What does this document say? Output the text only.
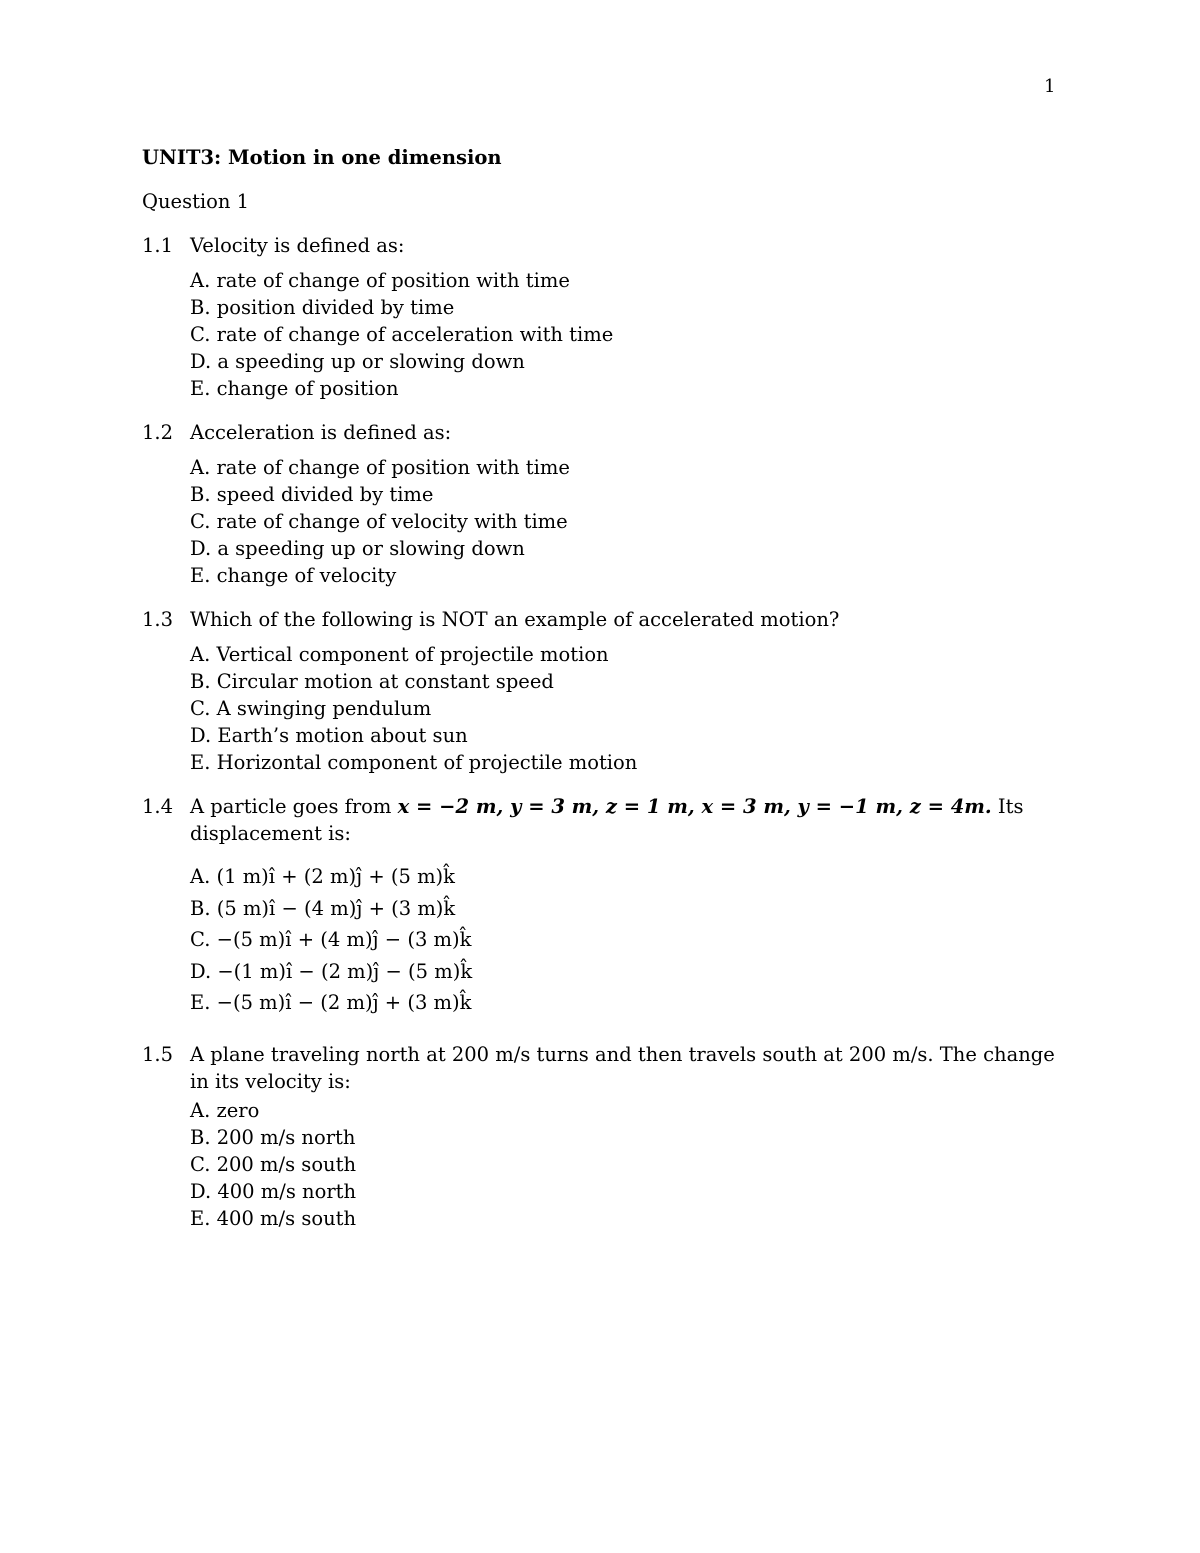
1
UNIT3: Motion in one dimension
Question 1
1.1 Velocity is defined as:
A. rate of change of position with time
B. position divided by time
C. rate of change of acceleration with time
D. a speeding up or slowing down
E. change of position
1.2 Acceleration is defined as:
A. rate of change of position with time
B. speed divided by time
C. rate of change of velocity with time
D. a speeding up or slowing down
E. change of velocity
1.3 Which of the following is NOT an example of accelerated motion?
A. Vertical component of projectile motion
B. Circular motion at constant speed
C. A swinging pendulum
D. Earth’s motion about sun
E. Horizontal component of projectile motion
1.4 A particle goes from x = −2 m, y = 3 m, z = 1 m, x = 3 m, y = −1 m, z = 4m. Its displacement is:
A. (1 m)î + (2 m)ĵ + (5 m)k̂
B. (5 m)î − (4 m)ĵ + (3 m)k̂
C. −(5 m)î + (4 m)ĵ − (3 m)k̂
D. −(1 m)î − (2 m)ĵ − (5 m)k̂
E. −(5 m)î − (2 m)ĵ + (3 m)k̂
1.5 A plane traveling north at 200 m/s turns and then travels south at 200 m/s. The change in its velocity is:
A. zero
B. 200 m/s north
C. 200 m/s south
D. 400 m/s north
E. 400 m/s south
